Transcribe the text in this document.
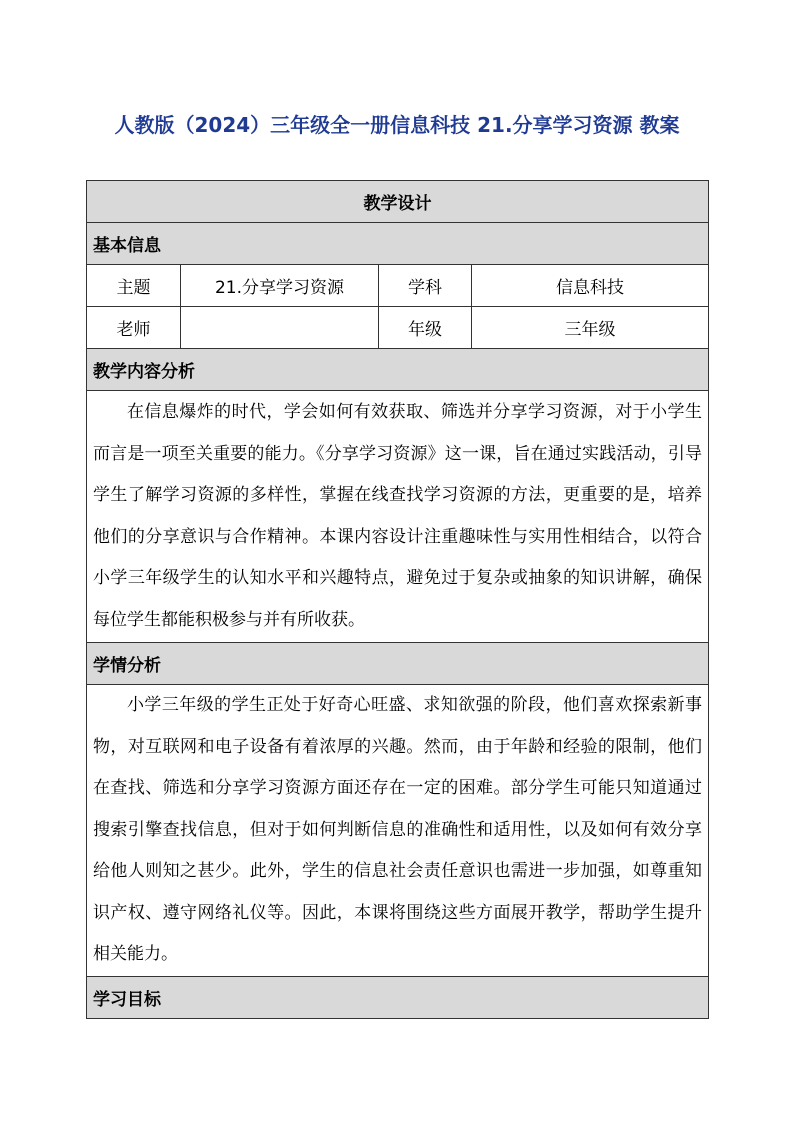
人教版（2024）三年级全一册信息科技 21.分享学习资源 教案
教学设计			
基本信息			
主题	21.分享学习资源	学科	信息科技
老师		年级	三年级
教学内容分析			
在信息爆炸的时代，学会如何有效获取、筛选并分享学习资源，对于小学生而言是一项至关重要的能力。《分享学习资源》这一课，旨在通过实践活动，引导学生了解学习资源的多样性，掌握在线查找学习资源的方法，更重要的是，培养他们的分享意识与合作精神。本课内容设计注重趣味性与实用性相结合，以符合小学三年级学生的认知水平和兴趣特点，避免过于复杂或抽象的知识讲解，确保每位学生都能积极参与并有所收获。			
学情分析			
小学三年级的学生正处于好奇心旺盛、求知欲强的阶段，他们喜欢探索新事物，对互联网和电子设备有着浓厚的兴趣。然而，由于年龄和经验的限制，他们在查找、筛选和分享学习资源方面还存在一定的困难。部分学生可能只知道通过搜索引擎查找信息，但对于如何判断信息的准确性和适用性，以及如何有效分享给他人则知之甚少。此外，学生的信息社会责任意识也需进一步加强，如尊重知识产权、遵守网络礼仪等。因此，本课将围绕这些方面展开教学，帮助学生提升相关能力。			
学习目标			
